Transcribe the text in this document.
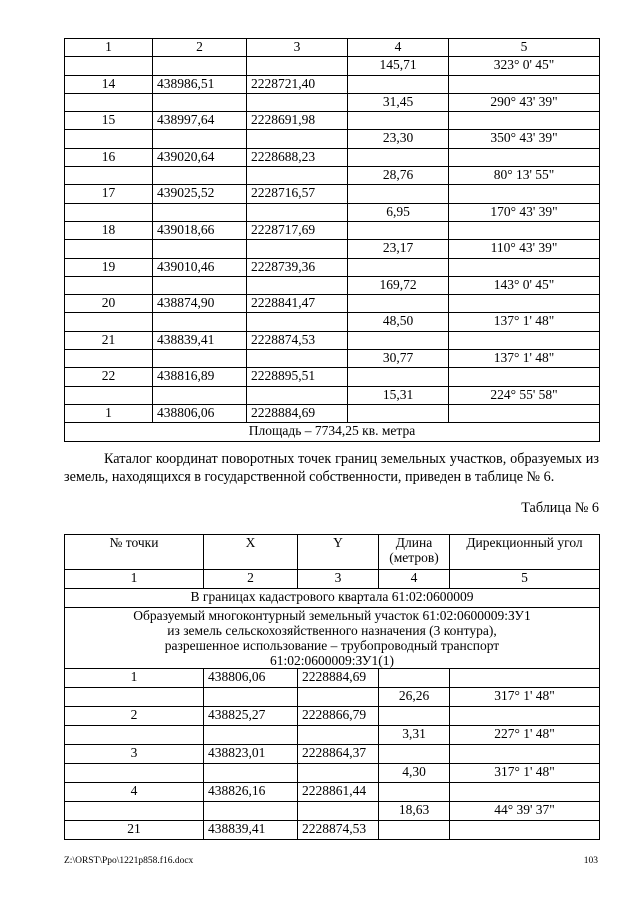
1	2	3	4	5
			145,71	323° 0' 45"
14	438986,51	2228721,40		
			31,45	290° 43' 39"
15	438997,64	2228691,98		
			23,30	350° 43' 39"
16	439020,64	2228688,23		
			28,76	80° 13' 55"
17	439025,52	2228716,57		
			6,95	170° 43' 39"
18	439018,66	2228717,69		
			23,17	110° 43' 39"
19	439010,46	2228739,36		
			169,72	143° 0' 45"
20	438874,90	2228841,47		
			48,50	137° 1' 48"
21	438839,41	2228874,53		
			30,77	137° 1' 48"
22	438816,89	2228895,51		
			15,31	224° 55' 58"
1	438806,06	2228884,69		
Площадь – 7734,25 кв. метра				
Каталог координат поворотных точек границ земельных участков, образуемых из земель, находящихся в государственной собственности, приведен в таблице № 6.
Таблица № 6
№ точки	X	Y	Длина (метров)	Дирекционный угол
1	2	3	4	5
В границах кадастрового квартала 61:02:0600009				

Образуемый многоконтурный земельный участок 61:02:0600009:ЗУ1
из земель сельскохозяйственного назначения (3 контура),
разрешенное использование – трубопроводный транспорт
61:02:0600009:ЗУ1(1)				

1	438806,06	2228884,69		
			26,26	317° 1' 48"
2	438825,27	2228866,79		
			3,31	227° 1' 48"
3	438823,01	2228864,37		
			4,30	317° 1' 48"
4	438826,16	2228861,44		
			18,63	44° 39' 37"
21	438839,41	2228874,53		
Z:\ORST\Ppo\1221p858.f16.docx	103
